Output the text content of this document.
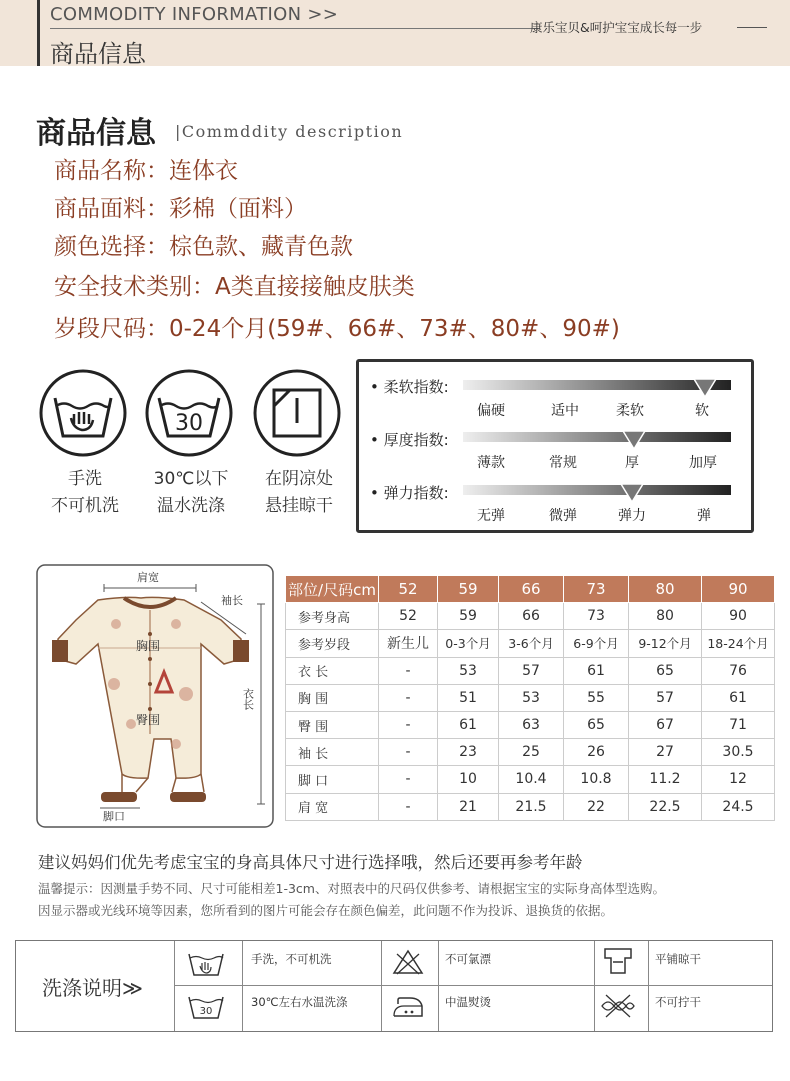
COMMODITY INFORMATION >>
商品信息
康乐宝贝&呵护宝宝成长每一步
商品信息 |Commddity description
商品名称：连体衣
商品面料：彩棉（面料）
颜色选择：棕色款、藏青色款
安全技术类别：A类直接接触皮肤类
岁段尺码：0-24个月(59#、66#、73#、80#、90#)
30
手洗
不可机洗
30℃以下
温水洗涤
在阴凉处
悬挂晾干
• 柔软指数:
偏硬	适中	柔软	软
• 厚度指数:
薄款	常规	厚	加厚
• 弹力指数:
无弹	微弹	弹力	弹
肩宽
袖长
胸围
臀围
衣长
脚口
部位/尺码cm	52	59	66	73	80	90
参考身高	52	59	66	73	80	90
参考岁段	新生儿	0-3个月	3-6个月	6-9个月	9-12个月	18-24个月
衣 长	-	53	57	61	65	76
胸 围	-	51	53	55	57	61
臀 围	-	61	63	65	67	71
袖 长	-	23	25	26	27	30.5
脚 口	-	10	10.4	10.8	11.2	12
肩 宽	-	21	21.5	22	22.5	24.5
建议妈妈们优先考虑宝宝的身高具体尺寸进行选择哦，然后还要再参考年龄
温馨提示：因测量手势不同、尺寸可能相差1-3cm、对照表中的尺码仅供参考、请根据宝宝的实际身高体型选购。
因显示器或光线环境等因素，您所看到的图片可能会存在颜色偏差，此问题不作为投诉、退换货的依据。
洗涤说明≫
手洗，不可机洗	不可氯漂	平铺晾干
30
30℃左右水温洗涤	中温熨烫	不可拧干
